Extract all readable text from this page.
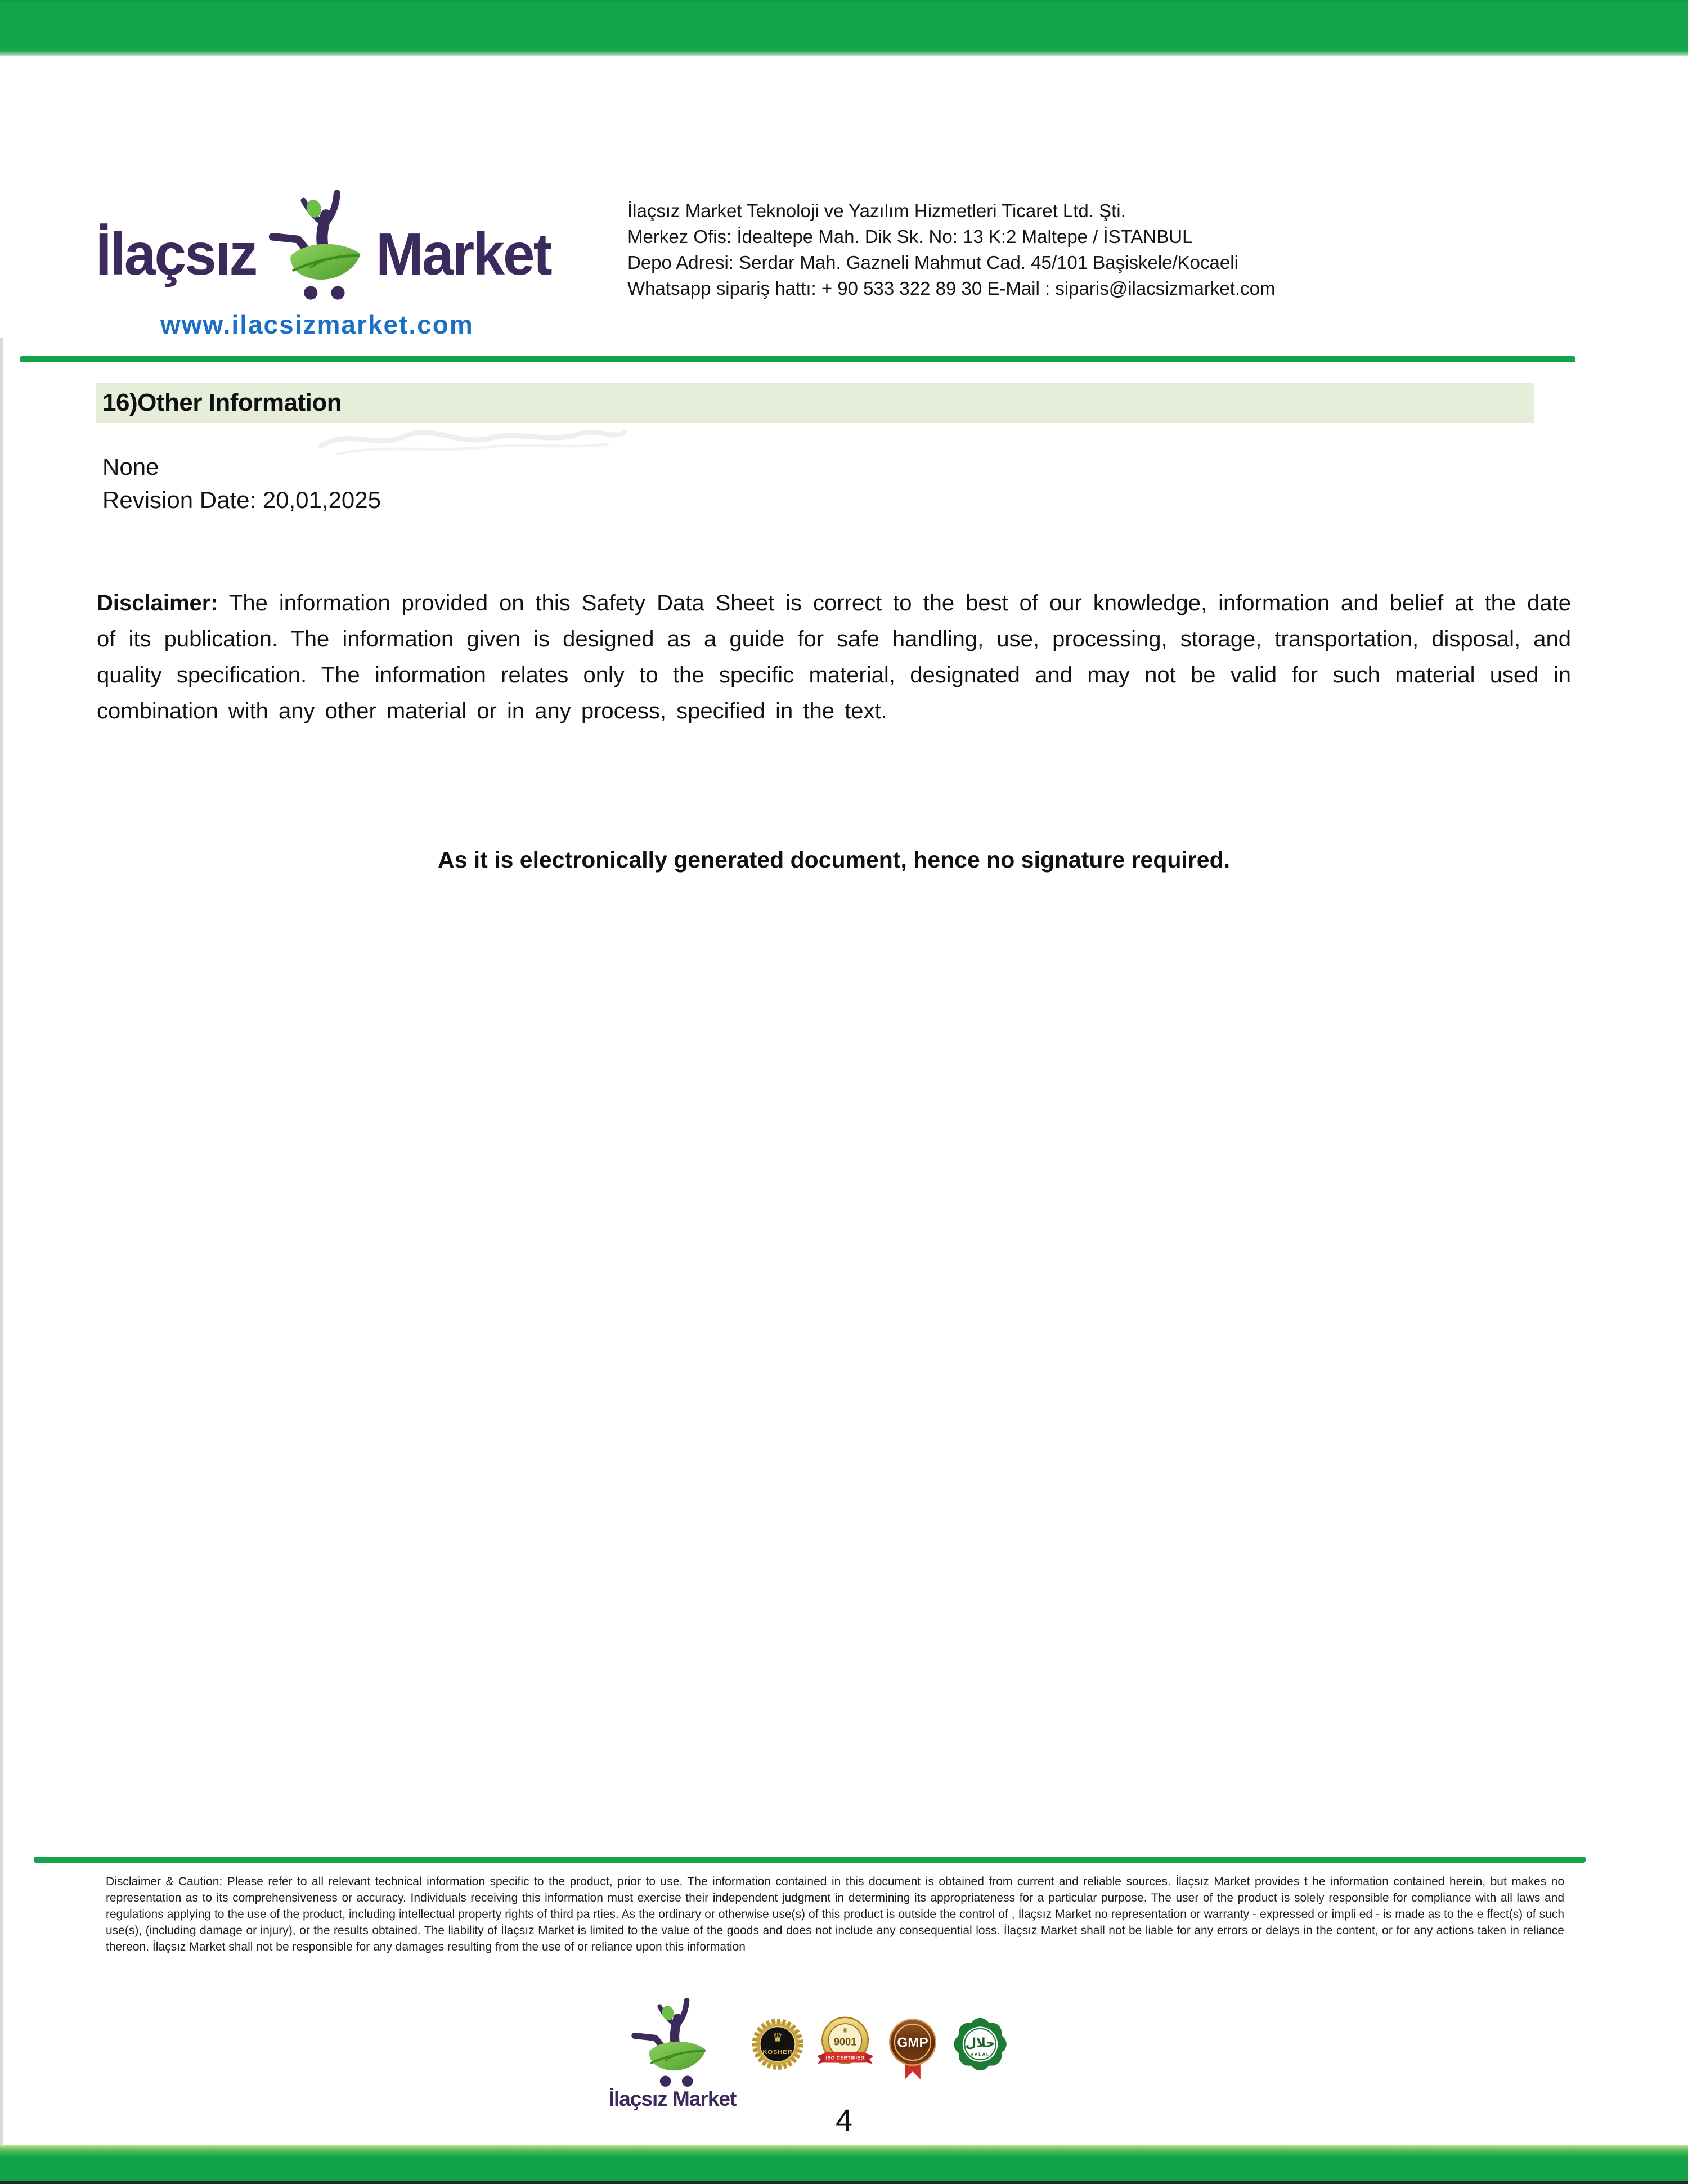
İlaçsız Market
www.ilacsizmarket.com
İlaçsız Market Teknoloji ve Yazılım Hizmetleri Ticaret Ltd. Şti.
Merkez Ofis: İdealtepe Mah. Dik Sk. No: 13 K:2 Maltepe / İSTANBUL
Depo Adresi: Serdar Mah. Gazneli Mahmut Cad. 45/101 Başiskele/Kocaeli
Whatsapp sipariş hattı: + 90 533 322 89 30 E-Mail : siparis@ilacsizmarket.com
16)Other Information
None
Revision Date: 20,01,2025

Disclaimer: The information provided on this Safety Data Sheet is correct to the best of our knowledge, information and belief at the date of its publication. The information given is designed as a guide for safe handling, use, processing, storage, transportation, disposal, and quality specification. The information relates only to the specific material, designated and may not be valid for such material used in combination with any other material or in any process, specified in the text.

As it is electronically generated document, hence no signature required.

Disclaimer & Caution: Please refer to all relevant technical information specific to the product, prior to use. The information contained in this document is obtained from current and reliable sources. İlaçsız Market provides t he information contained herein, but makes no representation as to its comprehensiveness or accuracy. Individuals receiving this information must exercise their independent judgment in determining its appropriateness for a particular purpose. The user of the product is solely responsible for compliance with all laws and regulations applying to the use of the product, including intellectual property rights of third pa rties. As the ordinary or otherwise use(s) of this product is outside the control of , İlaçsız Market no representation or warranty - expressed or impli ed - is made as to the e ffect(s) of such use(s), (including damage or injury), or the results obtained. The liability of İlaçsız Market is limited to the value of the goods and does not include any consequential loss. İlaçsız Market shall not be liable for any errors or delays in the content, or for any actions taken in reliance thereon. İlaçsız Market shall not be responsible for any damages resulting from the use of or reliance upon this information

İlaçsız Market
♛
KOSHER
♛
9001
ISO CERTIFIED
GMP	حلال
HALAL
4
